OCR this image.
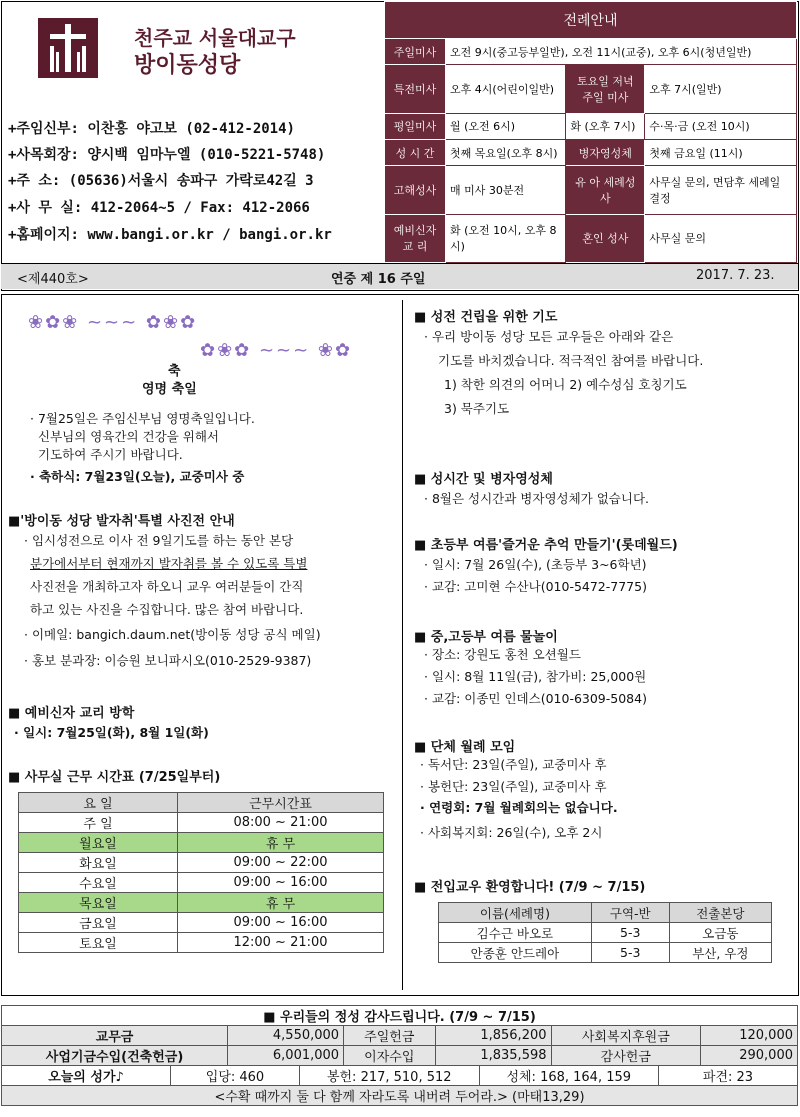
천주교 서울대교구
방이동성당
+주임신부: 이찬홍 야고보 (02-412-2014)
+사목회장: 양시백 임마누엘 (010-5221-5748)
+주 소: (05636)서울시 송파구 가락로42길 3
+사 무 실: 412-2064~5 / Fax: 412-2066
+홈페이지: www.bangi.or.kr / bangi.or.kr
전례안내			
주일미사	오전 9시(중고등부일반), 오전 11시(교중), 오후 6시(청년일반)		
특전미사	오후 4시(어린이일반)	토요일 저녁 주일 미사	오후 7시(일반)
평일미사	월 (오전 6시)	화 (오후 7시)	수·목·금 (오전 10시)
성 시 간	첫째 목요일(오후 8시)	병자영성체	첫째 금요일 (11시)
고해성사	매 미사 30분전	유 아 세례성사	사무실 문의, 면담후 세례일 결정
예비신자 교 리	화 (오전 10시, 오후 8시)	혼인 성사	사무실 문의
<제440호>	연중 제 16 주일	2017. 7. 23.
❀✿❀ ~~~ ✿❀✿
✿❀✿ ~~~ ❀✿
축
영명 축일
· 7월25일은 주임신부님 영명축일입니다.
신부님의 영육간의 건강을 위해서
기도하여 주시기 바랍니다.
· 축하식: 7월23일(오늘), 교중미사 중
■'방이동 성당 발자취'특별 사진전 안내
· 임시성전으로 이사 전 9일기도를 하는 동안 본당
분가에서부터 현재까지 발자취를 볼 수 있도록 특별
사진전을 개최하고자 하오니 교우 여러분들이 간직
하고 있는 사진을 수집합니다. 많은 참여 바랍니다.
· 이메일: bangich.daum.net(방이동 성당 공식 메일)
· 홍보 분과장: 이승원 보니파시오(010-2529-9387)
■ 예비신자 교리 방학
· 일시: 7월25일(화), 8월 1일(화)
■ 사무실 근무 시간표 (7/25일부터)
요 일	근무시간표
주 일	08:00 ~ 21:00
월요일	휴 무
화요일	09:00 ~ 22:00
수요일	09:00 ~ 16:00
목요일	휴 무
금요일	09:00 ~ 16:00
토요일	12:00 ~ 21:00
■ 성전 건립을 위한 기도
· 우리 방이동 성당 모든 교우들은 아래와 같은
기도를 바치겠습니다. 적극적인 참여를 바랍니다.
1) 착한 의견의 어머니 2) 예수성심 호칭기도
3) 묵주기도
■ 성시간 및 병자영성체
· 8월은 성시간과 병자영성체가 없습니다.
■ 초등부 여름'즐거운 추억 만들기'(롯데월드)
· 일시: 7월 26일(수), (초등부 3~6학년)
· 교감: 고미현 수산나(010-5472-7775)
■ 중,고등부 여름 물놀이
· 장소: 강원도 홍천 오션월드
· 일시: 8월 11일(금), 참가비: 25,000원
· 교감: 이종민 인데스(010-6309-5084)
■ 단체 월례 모임
· 독서단: 23일(주일), 교중미사 후
· 봉헌단: 23일(주일), 교중미사 후
· 연령회: 7월 월례회의는 없습니다.
· 사회복지회: 26일(수), 오후 2시
■ 전입교우 환영합니다! (7/9 ~ 7/15)
이름(세례명)	구역-반	전출본당
김수근 바오로	5-3	오금동
안종훈 안드레아	5-3	부산, 우정
■ 우리들의 정성 감사드립니다. (7/9 ~ 7/15)					
교무금	4,550,000	주일헌금	1,856,200	사회복지후원금	120,000
사업기금수입(건축헌금)	6,001,000	이자수입	1,835,598	감사헌금	290,000
오늘의 성가♪	입당: 460	봉헌: 217, 510, 512	성체: 168, 164, 159	파견: 23
<수확 때까지 둘 다 함께 자라도록 내버려 두어라.> (마태13,29)
